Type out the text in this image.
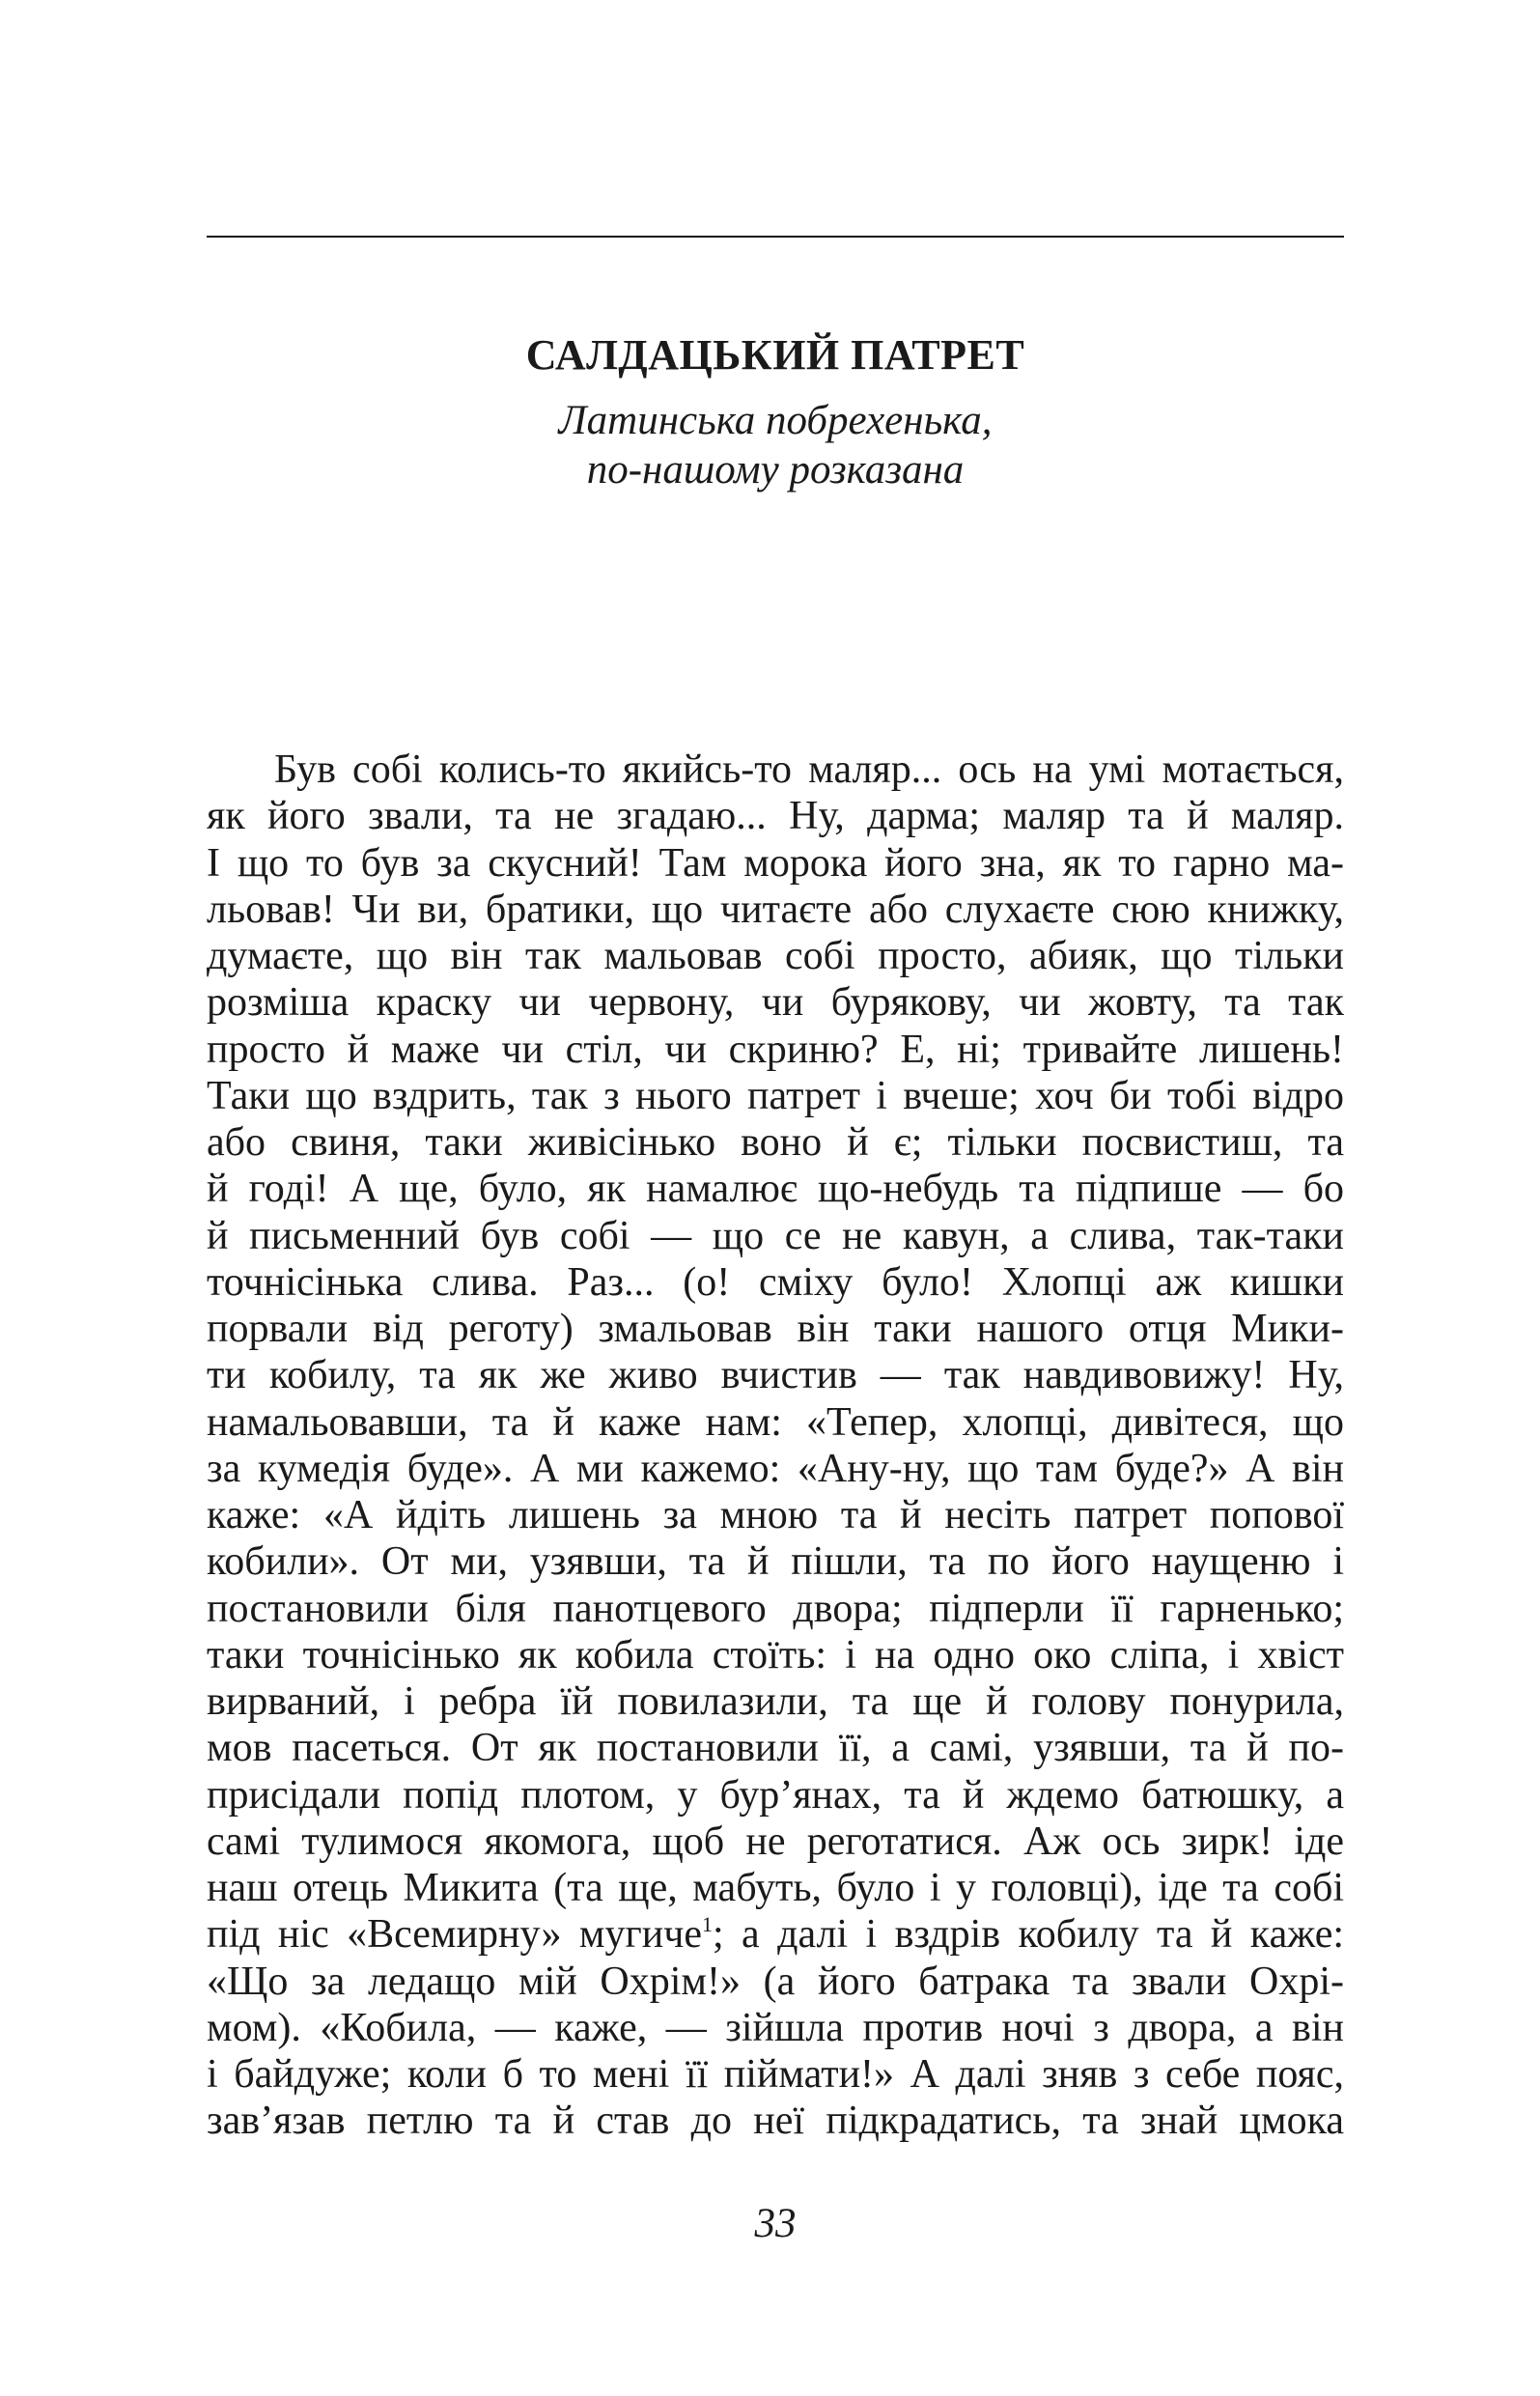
САЛДАЦЬКИЙ ПАТРЕТ
Латинська побрехенька,
по-нашому розказана
Був собі колись-то якийсь-то маляр... ось на умі мотається,
як його звали, та не згадаю... Ну, дарма; маляр та й маляр.
І що то був за скусний! Там морока його зна, як то гарно ма-
льовав! Чи ви, братики, що читаєте або слухаєте сюю книжку,
думаєте, що він так мальовав собі просто, абияк, що тільки
розміша краску чи червону, чи бурякову, чи жовту, та так
просто й маже чи стіл, чи скриню? Е, ні; тривайте лишень!
Таки що вздрить, так з нього патрет і вчеше; хоч би тобі відро
або свиня, таки живісінько воно й є; тільки посвистиш, та
й годі! А ще, було, як намалює що-небудь та підпише — бо
й письменний був собі — що се не кавун, а слива, так-таки
точнісінька слива. Раз... (о! сміху було! Хлопці аж кишки
порвали від реготу) змальовав він таки нашого отця Мики-
ти кобилу, та як же живо вчистив — так навдивовижу! Ну,
намальовавши, та й каже нам: «Тепер, хлопці, дивітеся, що
за кумедія буде». А ми кажемо: «Ану-ну, що там буде?» А він
каже: «А йдіть лишень за мною та й несіть патрет попової
кобили». От ми, узявши, та й пішли, та по його наущеню і
постановили біля панотцевого двора; підперли її гарненько;
таки точнісінько як кобила стоїть: і на одно око сліпа, і хвіст
вирваний, і ребра їй повилазили, та ще й голову понурила,
мов пасеться. От як постановили її, а самі, узявши, та й по-
присідали попід плотом, у бур’янах, та й ждемо батюшку, а
самі тулимося якомога, щоб не реготатися. Аж ось зирк! іде
наш отець Микита (та ще, мабуть, було і у головці), іде та собі
під ніс «Всемирну» мугиче$^1$; а далі і вздрів кобилу та й каже:
«Що за ледащо мій Охрім!» (а його батрака та звали Охрі-
мом). «Кобила, — каже, — зійшла против ночі з двора, а він
і байдуже; коли б то мені її піймати!» А далі зняв з себе пояс,
зав’язав петлю та й став до неї підкрадатись, та знай цмока
33
